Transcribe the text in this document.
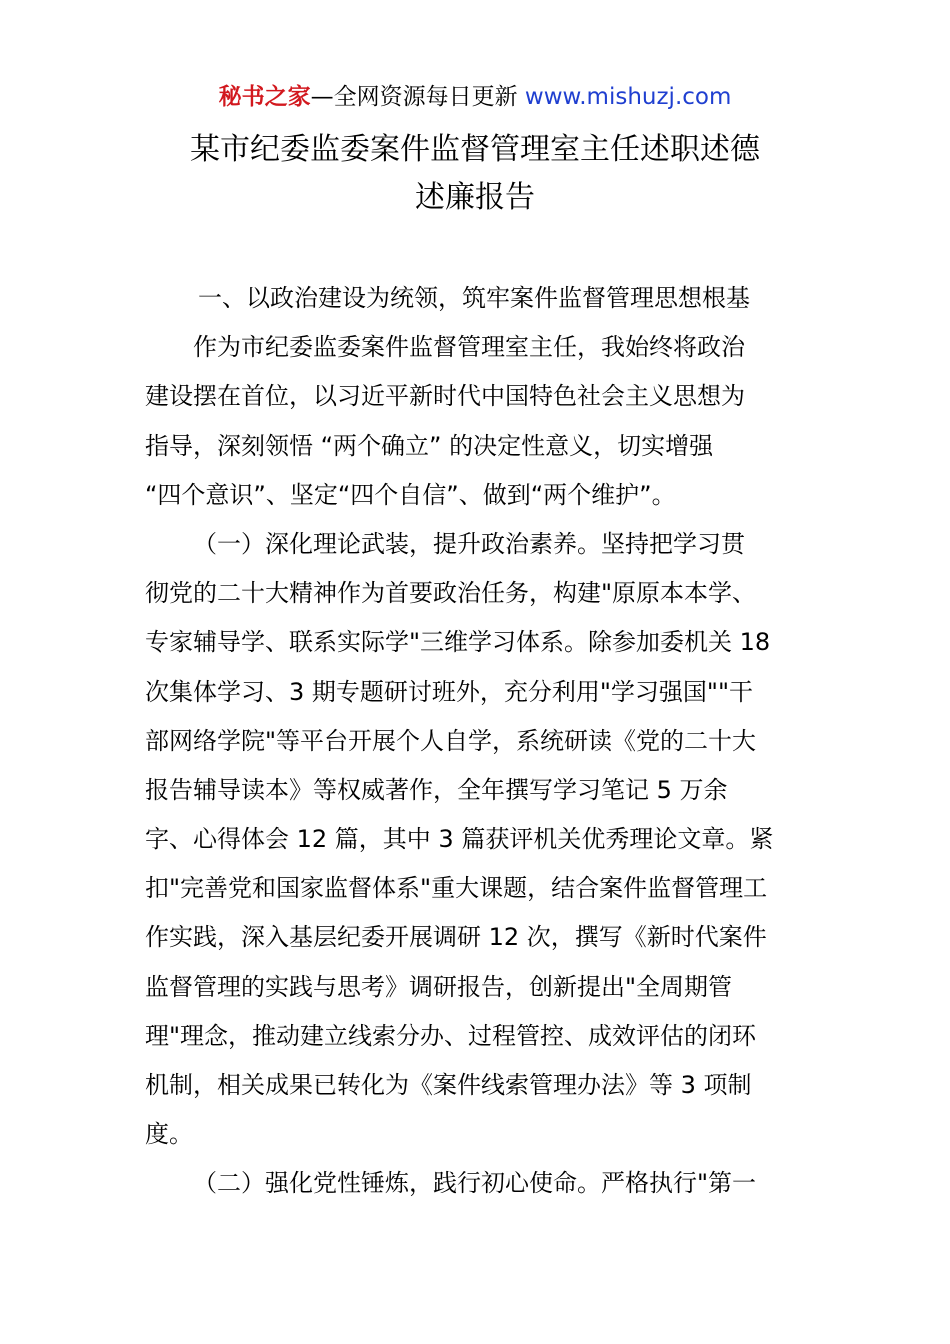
秘书之家—全网资源每日更新 www.mishuzj.com
某市纪委监委案件监督管理室主任述职述德
述廉报告
一、以政治建设为统领，筑牢案件监督管理思想根基
作为市纪委监委案件监督管理室主任，我始终将政治
建设摆在首位，以习近平新时代中国特色社会主义思想为
指导，深刻领悟 “两个确立” 的决定性意义，切实增强
“四个意识”、坚定“四个自信”、做到“两个维护”。
（一）深化理论武装，提升政治素养。坚持把学习贯
彻党的二十大精神作为首要政治任务，构建"原原本本学、
专家辅导学、联系实际学"三维学习体系。除参加委机关 18
次集体学习、3 期专题研讨班外，充分利用"学习强国""干
部网络学院"等平台开展个人自学，系统研读《党的二十大
报告辅导读本》等权威著作，全年撰写学习笔记 5 万余
字、心得体会 12 篇，其中 3 篇获评机关优秀理论文章。紧
扣"完善党和国家监督体系"重大课题，结合案件监督管理工
作实践，深入基层纪委开展调研 12 次，撰写《新时代案件
监督管理的实践与思考》调研报告，创新提出"全周期管
理"理念，推动建立线索分办、过程管控、成效评估的闭环
机制，相关成果已转化为《案件线索管理办法》等 3 项制
度。
（二）强化党性锤炼，践行初心使命。严格执行"第一
